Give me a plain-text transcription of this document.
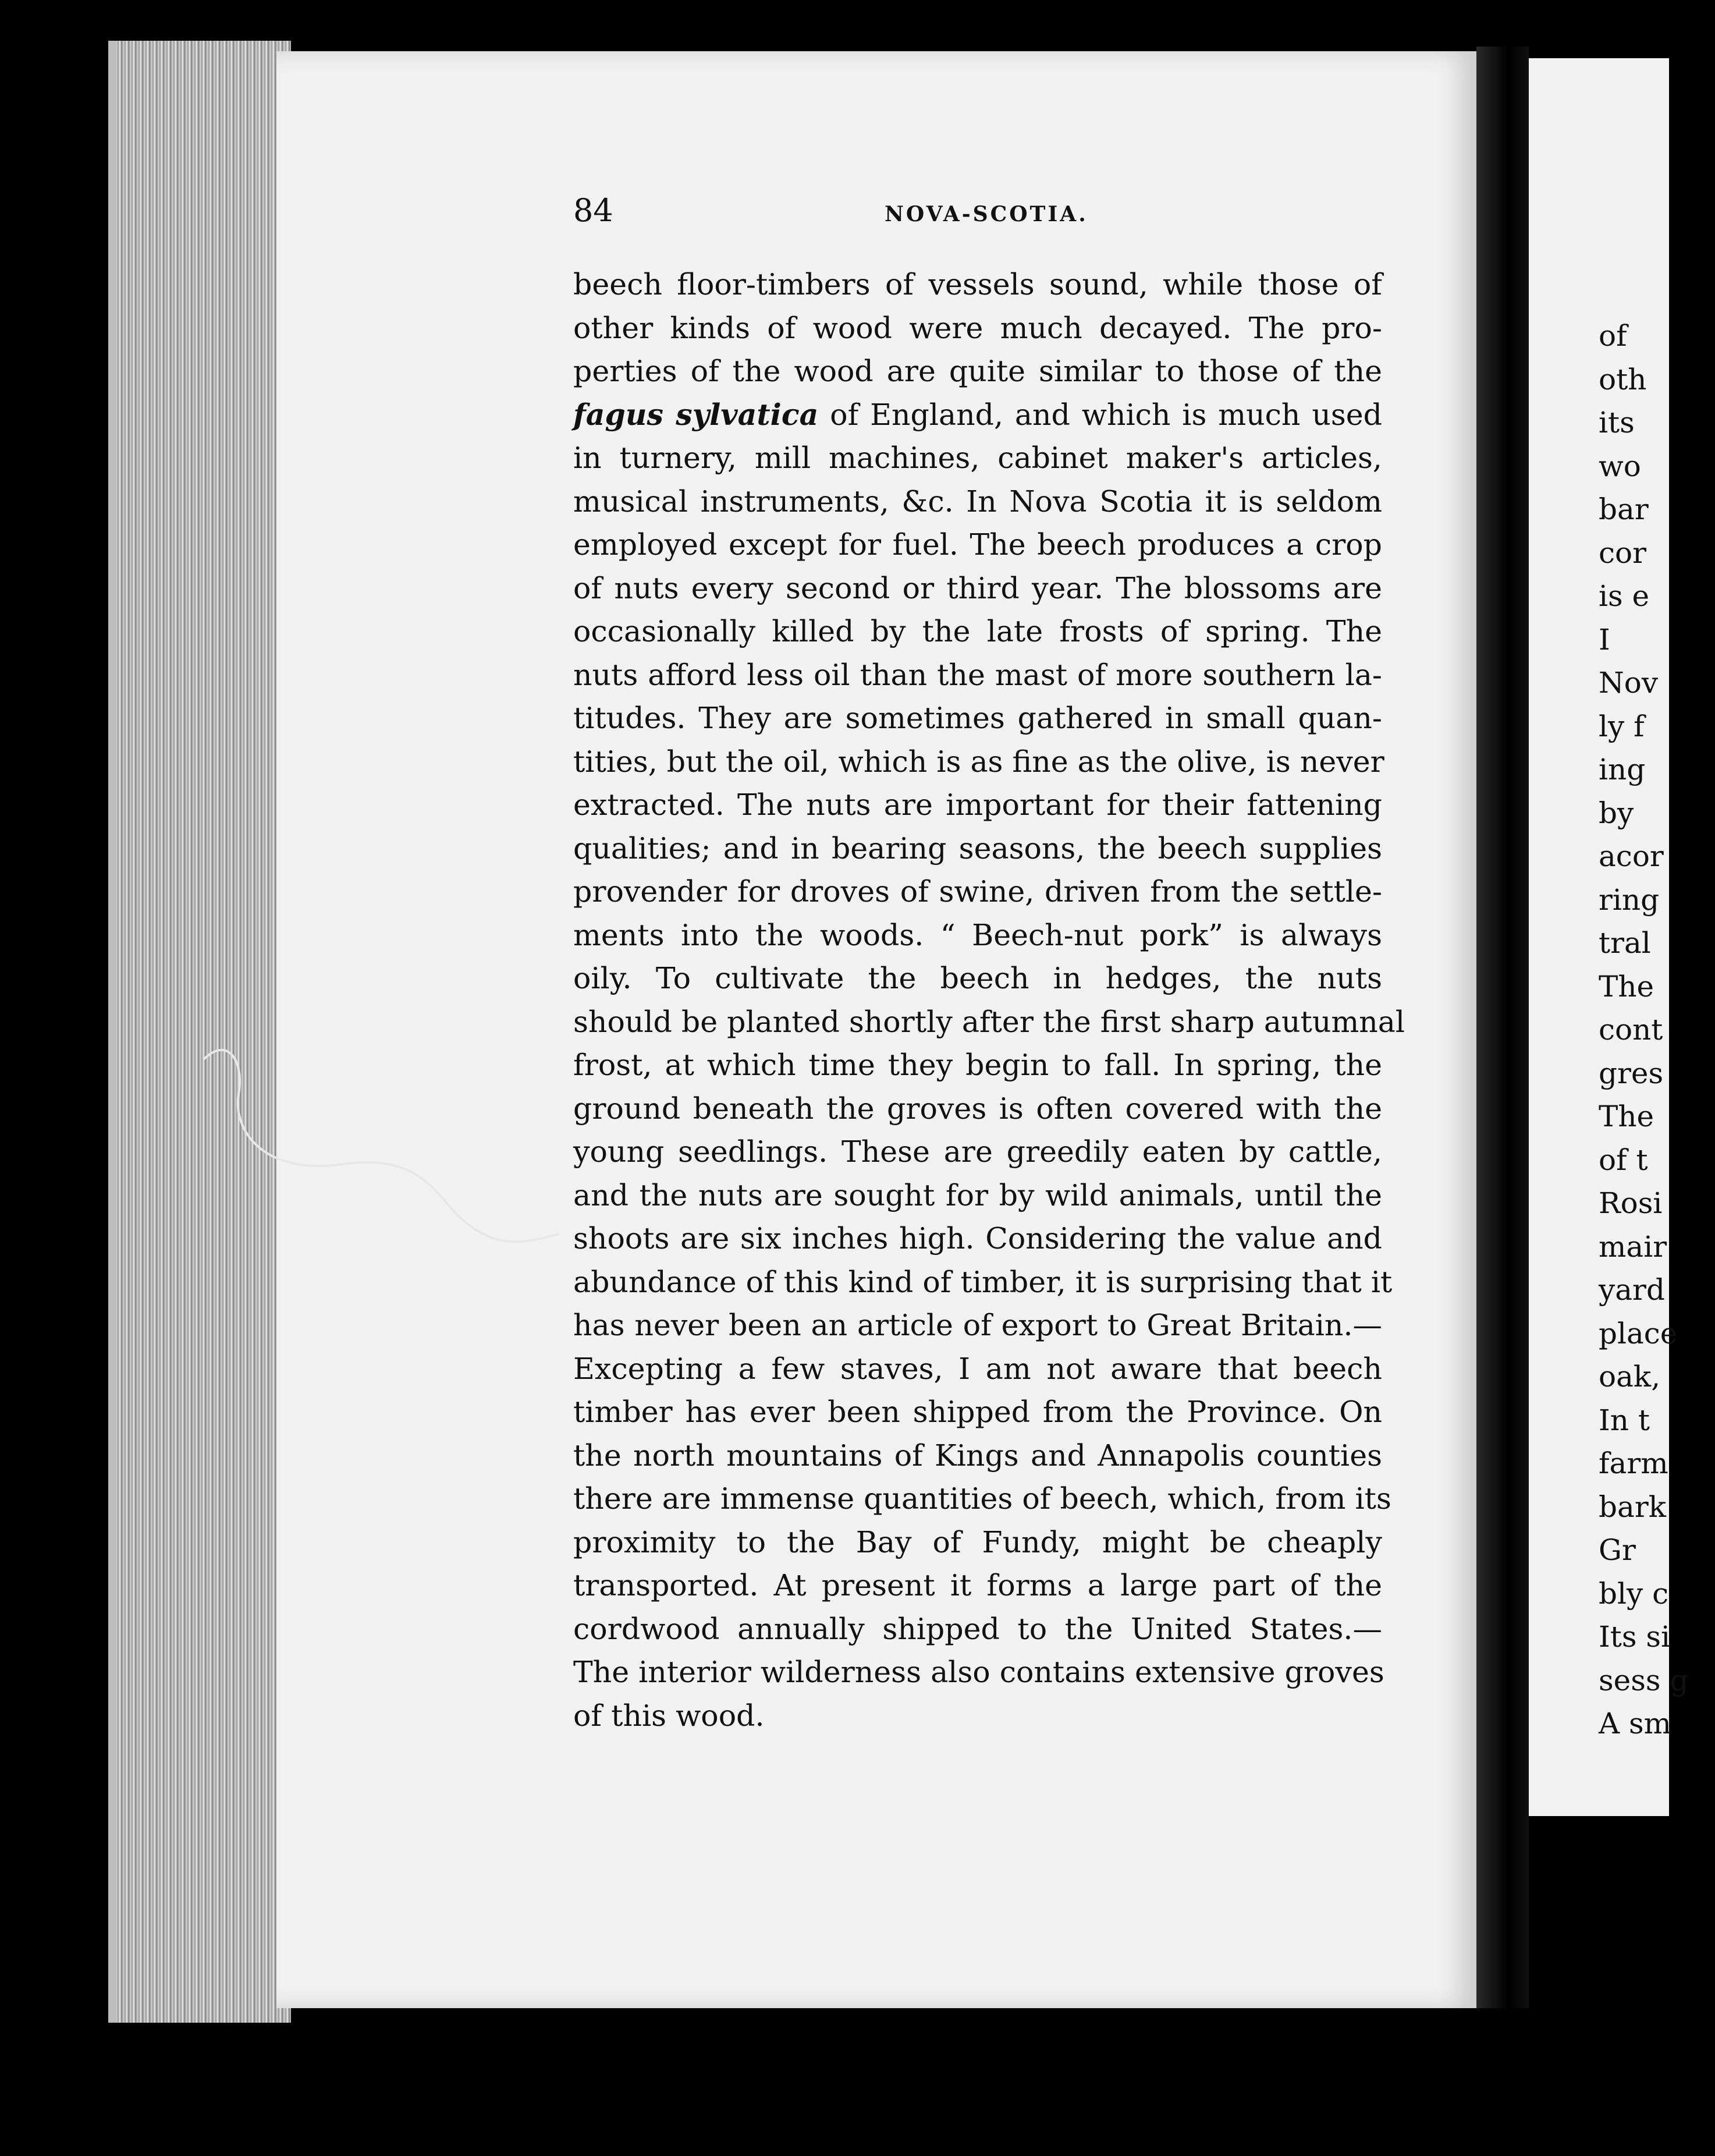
of
oth
its
wo
bar
cor
is e
I
Nov
ly f
ing
by
acor
ring
tral
The
cont
gres
The
of t
Rosi
mair
yard
place
oak,
In t
farm
bark
Gr
bly c
Its si
sess g
A sm
84	NOVA-SCOTIA.
beech floor-timbers of vessels sound, while those of
other kinds of wood were much decayed. The pro-
perties of the wood are quite similar to those of the
fagus sylvatica of England, and which is much used
in turnery, mill machines, cabinet maker's articles,
musical instruments, &c. In Nova Scotia it is seldom
employed except for fuel. The beech produces a crop
of nuts every second or third year. The blossoms are
occasionally killed by the late frosts of spring. The
nuts afford less oil than the mast of more southern la-
titudes. They are sometimes gathered in small quan-
tities, but the oil, which is as fine as the olive, is never
extracted. The nuts are important for their fattening
qualities; and in bearing seasons, the beech supplies
provender for droves of swine, driven from the settle-
ments into the woods. “ Beech-nut pork” is always
oily. To cultivate the beech in hedges, the nuts
should be planted shortly after the first sharp autumnal
frost, at which time they begin to fall. In spring, the
ground beneath the groves is often covered with the
young seedlings. These are greedily eaten by cattle,
and the nuts are sought for by wild animals, until the
shoots are six inches high. Considering the value and
abundance of this kind of timber, it is surprising that it
has never been an article of export to Great Britain.—
Excepting a few staves, I am not aware that beech
timber has ever been shipped from the Province. On
the north mountains of Kings and Annapolis counties
there are immense quantities of beech, which, from its
proximity to the Bay of Fundy, might be cheaply
transported. At present it forms a large part of the
cordwood annually shipped to the United States.—
The interior wilderness also contains extensive groves
of this wood.
